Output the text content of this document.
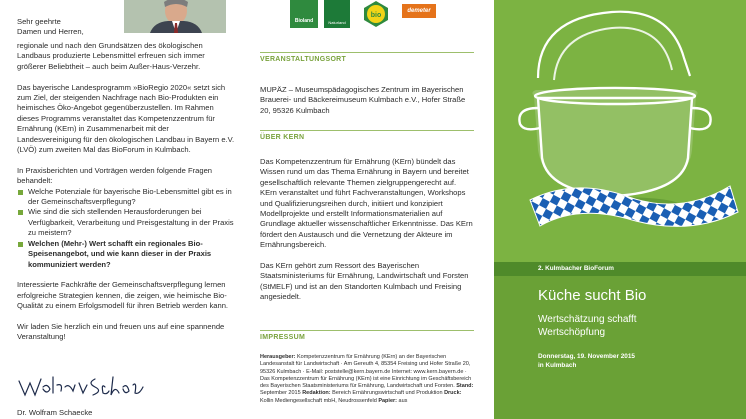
Sehr geehrte
Damen und Herren,

regionale und nach den Grundsätzen des ökologischen Landbaus produzierte Lebensmittel erfreuen sich immer größerer Beliebtheit – auch beim Außer-Haus-Verzehr.

Das bayerische Landesprogramm »BioRegio 2020« setzt sich zum Ziel, der steigenden Nachfrage nach Bio-Produkten ein heimisches Öko-Angebot gegenüberzustellen. Im Rahmen dieses Programms veranstaltet das Kompetenzzentrum für Ernährung (KErn) in Zusammenarbeit mit der Landesvereinigung für den ökologischen Landbau in Bayern e.V. (LVÖ) zum zweiten Mal das BioForum in Kulmbach.

In Praxisberichten und Vorträgen werden folgende Fragen behandelt:

Welche Potenziale für bayerische Bio-Lebensmittel gibt es in der Gemeinschaftsverpflegung?
Wie sind die sich stellenden Herausforderungen bei Verfügbarkeit, Verarbeitung und Preisgestaltung in der Praxis zu meistern?
Welchen (Mehr-) Wert schafft ein regionales Bio-Speisenangebot, und wie kann dieser in der Praxis kommuniziert werden?

Interessierte Fachkräfte der Gemeinschaftsverpflegung lernen erfolgreiche Strategien kennen, die zeigen, wie heimische Bio-Qualität zu einem Erfolgsmodell für ihren Betrieb werden kann.

Wir laden Sie herzlich ein und freuen uns auf eine spannende Veranstaltung!

Dr. Wolfram Schaecke
Bioland	Naturland
bio
demeter
VERANSTALTUNGSORT
MUPÄZ – Museumspädagogisches Zentrum im Bayerischen Brauerei- und Bäckereimuseum Kulmbach e.V., Hofer Straße 20, 95326 Kulmbach
ÜBER KERN

Das Kompetenzzentrum für Ernährung (KErn) bündelt das Wissen rund um das Thema Ernährung in Bayern und bereitet gesellschaftlich relevante Themen zielgruppengerecht auf. KErn veranstaltet und führt Fachveranstaltungen, Workshops und Qualifizierungsreihen durch, initiiert und konzipiert Modellprojekte und erstellt Informationsmaterialien auf Grundlage aktueller wissenschaftlicher Erkenntnisse. Das KErn fördert den Austausch und die Vernetzung der Akteure im Ernährungsbereich.

Das KErn gehört zum Ressort des Bayerischen Staatsministeriums für Ernährung, Landwirtschaft und Forsten (StMELF) und ist an den Standorten Kulmbach und Freising angesiedelt.

IMPRESSUM
Herausgeber: Kompetenzzentrum für Ernährung (KErn) an der Bayerischen Landesanstalt für Landwirtschaft · Am Gereuth 4, 85354 Freising und Hofer Straße 20, 95326 Kulmbach · E-Mail: poststelle@kern.bayern.de Internet: www.kern.bayern.de · Das Kompetenzzentrum für Ernährung (KErn) ist eine Einrichtung im Geschäftsbereich des Bayerischen Staatsministeriums für Ernährung, Landwirtschaft und Forsten. Stand: September 2015 Redaktion: Bereich Ernährungswirtschaft und Produktion Druck: Kollin Mediengesellschaft mbH, Neudrossenfeld Papier: aus
2. Kulmbacher BioForum
Küche sucht Bio
Wertschätzung schafft
Wertschöpfung
Donnerstag, 19. November 2015
in Kulmbach
